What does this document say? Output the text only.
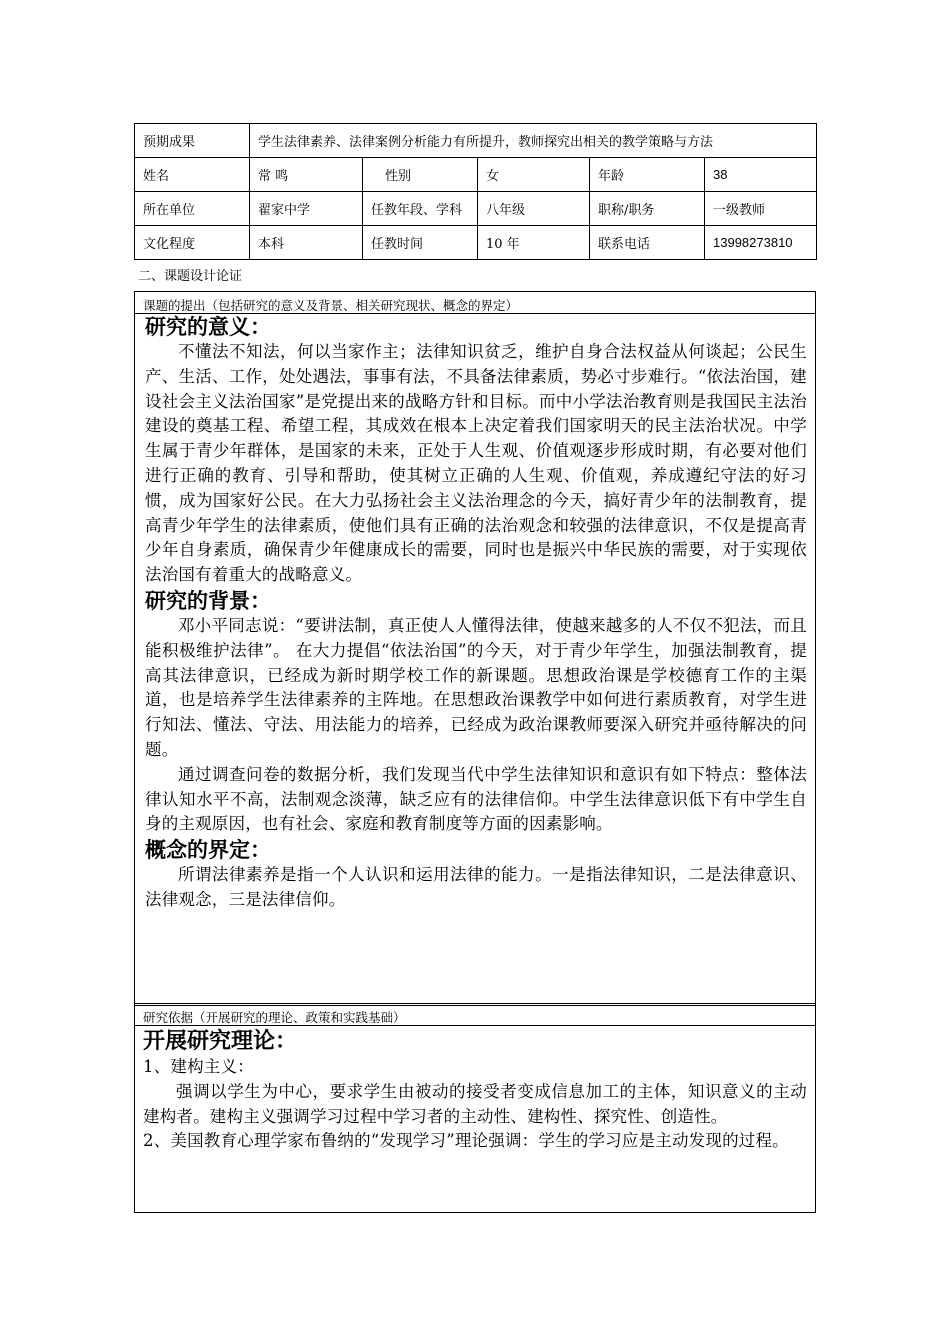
预期成果	学生法律素养、法律案例分析能力有所提升，教师探究出相关的教学策略与方法				
姓名	常 鸣	性别	女	年龄	38
所在单位	翟家中学	任教年段、学科	八年级	职称/职务	一级教师
文化程度	本科	任教时间	10 年	联系电话	13998273810
二、课题设计论证
课题的提出（包括研究的意义及背景、相关研究现状、概念的界定）

研究的意义：

不懂法不知法，何以当家作主；法律知识贫乏，维护自身合法权益从何谈起；公民生产、生活、工作，处处遇法，事事有法，不具备法律素质，势必寸步难行。“依法治国，建设社会主义法治国家”是党提出来的战略方针和目标。而中小学法治教育则是我国民主法治建设的奠基工程、希望工程，其成效在根本上决定着我们国家明天的民主法治状况。中学生属于青少年群体，是国家的未来，正处于人生观、价值观逐步形成时期，有必要对他们进行正确的教育、引导和帮助，使其树立正确的人生观、价值观，养成遵纪守法的好习惯，成为国家好公民。在大力弘扬社会主义法治理念的今天，搞好青少年的法制教育，提高青少年学生的法律素质，使他们具有正确的法治观念和较强的法律意识，不仅是提高青少年自身素质，确保青少年健康成长的需要，同时也是振兴中华民族的需要，对于实现依法治国有着重大的战略意义。

研究的背景：

邓小平同志说：“要讲法制，真正使人人懂得法律，使越来越多的人不仅不犯法，而且能积极维护法律”。 在大力提倡“依法治国”的今天，对于青少年学生，加强法制教育，提高其法律意识，已经成为新时期学校工作的新课题。思想政治课是学校德育工作的主渠道，也是培养学生法律素养的主阵地。在思想政治课教学中如何进行素质教育，对学生进行知法、懂法、守法、用法能力的培养，已经成为政治课教师要深入研究并亟待解决的问题。

通过调查问卷的数据分析，我们发现当代中学生法律知识和意识有如下特点：整体法律认知水平不高，法制观念淡薄，缺乏应有的法律信仰。中学生法律意识低下有中学生自身的主观原因，也有社会、家庭和教育制度等方面的因素影响。

概念的界定：

所谓法律素养是指一个人认识和运用法律的能力。一是指法律知识，二是法律意识、法律观念，三是法律信仰。

研究依据（开展研究的理论、政策和实践基础）

开展研究理论：

1、建构主义：

强调以学生为中心，要求学生由被动的接受者变成信息加工的主体，知识意义的主动建构者。建构主义强调学习过程中学习者的主动性、建构性、探究性、创造性。

2、美国教育心理学家布鲁纳的“发现学习”理论强调：学生的学习应是主动发现的过程。
